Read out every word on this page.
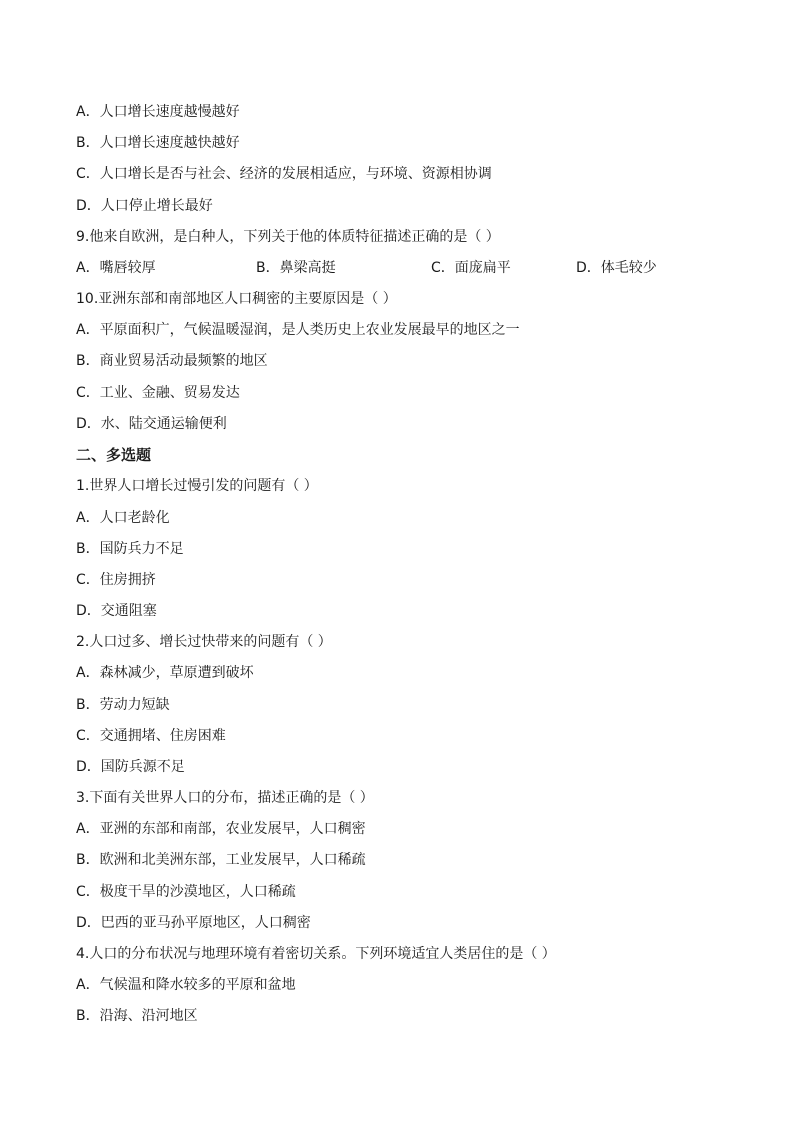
A．人口增长速度越慢越好
B．人口增长速度越快越好
C．人口增长是否与社会、经济的发展相适应，与环境、资源相协调
D．人口停止增长最好
9.他来自欧洲，是白种人，下列关于他的体质特征描述正确的是（ ）
A．嘴唇较厚	B．鼻梁高挺	C．面庞扁平	D．体毛较少
10.亚洲东部和南部地区人口稠密的主要原因是（ ）
A．平原面积广，气候温暖湿润，是人类历史上农业发展最早的地区之一
B．商业贸易活动最频繁的地区
C．工业、金融、贸易发达
D．水、陆交通运输便利
二、多选题
1.世界人口增长过慢引发的问题有（ ）
A．人口老龄化
B．国防兵力不足
C．住房拥挤
D．交通阻塞
2.人口过多、增长过快带来的问题有（ ）
A．森林减少，草原遭到破坏
B．劳动力短缺
C．交通拥堵、住房困难
D．国防兵源不足
3.下面有关世界人口的分布，描述正确的是（ ）
A．亚洲的东部和南部，农业发展早，人口稠密
B．欧洲和北美洲东部，工业发展早，人口稀疏
C．极度干旱的沙漠地区，人口稀疏
D．巴西的亚马孙平原地区，人口稠密
4.人口的分布状况与地理环境有着密切关系。下列环境适宜人类居住的是（ ）
A．气候温和降水较多的平原和盆地
B．沿海、沿河地区
